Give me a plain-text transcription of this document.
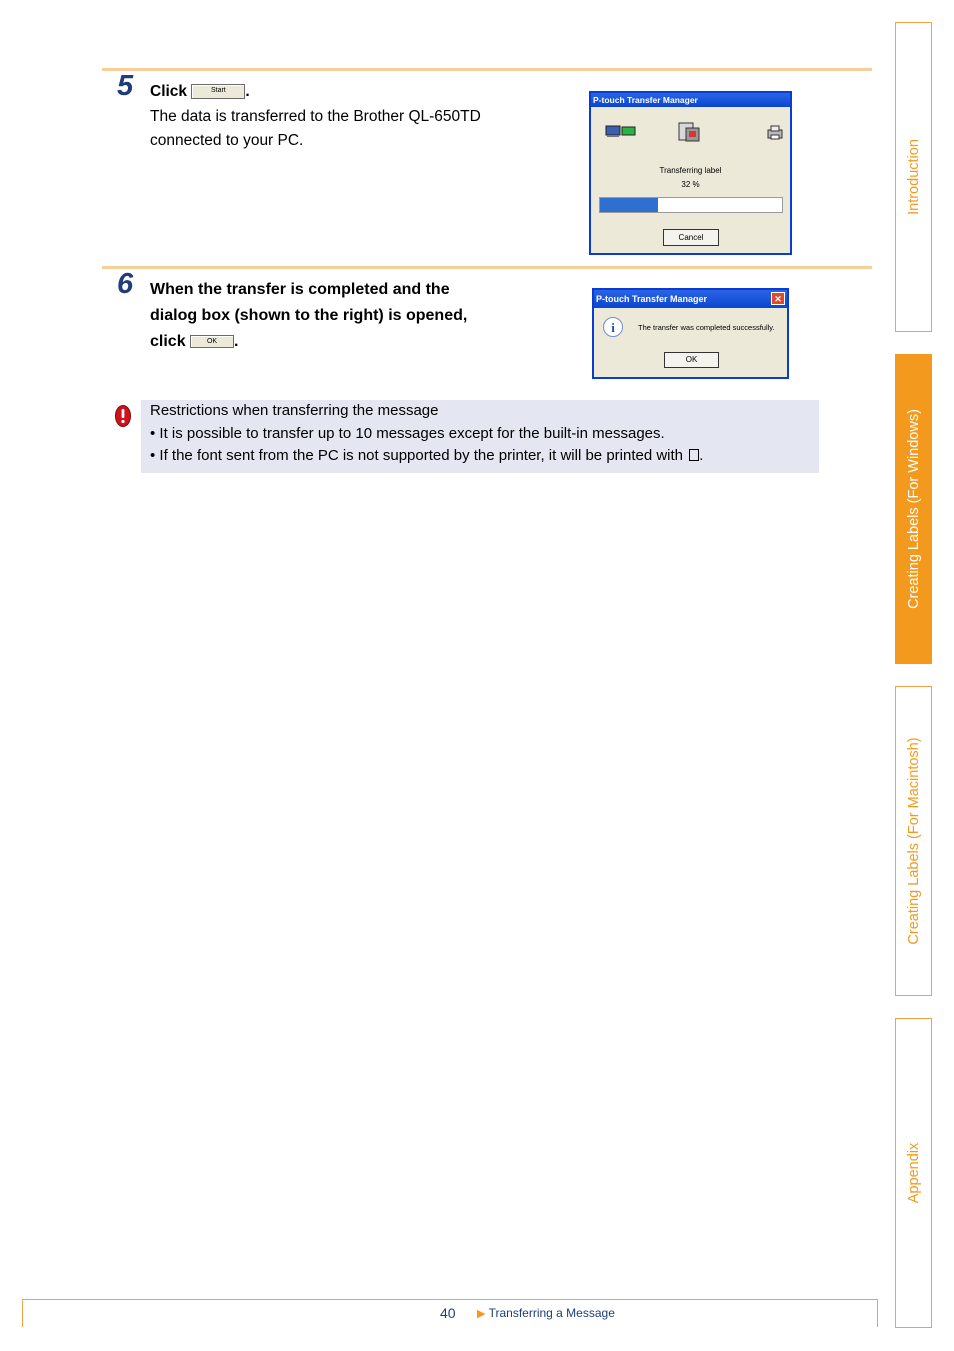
5 Click	Start .
The data is transferred to the Brother QL-650TD
connected to your PC.
P-touch Transfer Manager
Transferring label
32 %
Cancel
6 When the transfer is completed and the
dialog box (shown to the right) is opened,
click	OK .
P-touch Transfer Manager	✕
i	The transfer was completed successfully.
OK
Restrictions when transferring the message
• It is possible to transfer up to 10 messages except for the built-in messages.
• If the font sent from the PC is not supported by the printer, it will be printed with .
Introduction
Creating Labels (For Windows)
Creating Labels (For Macintosh)
Appendix
40 ▶ Transferring a Message
